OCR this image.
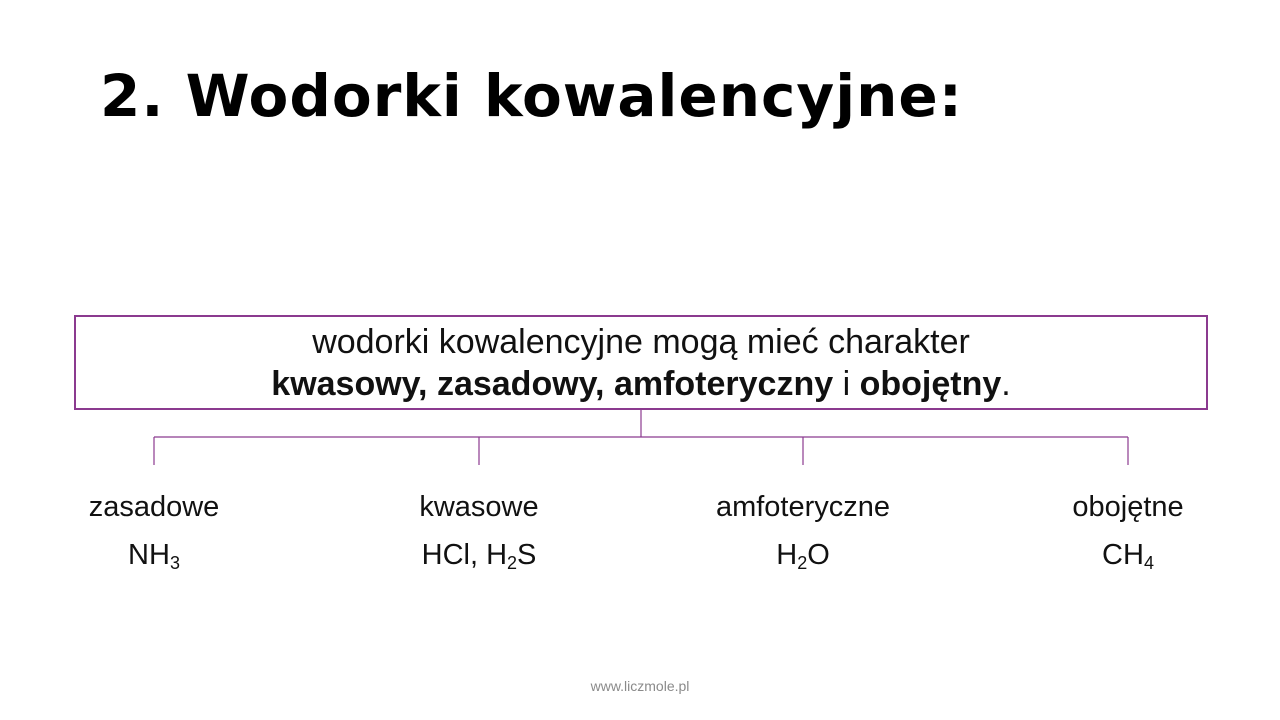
2. Wodorki kowalencyjne:
wodorki kowalencyjne mogą mieć charakter
kwasowy, zasadowy, amfoteryczny i obojętny.
zasadowe
$NH_3$
kwasowe
HCl, $H_2S$
amfoteryczne
$H_2O$
obojętne
$CH_4$
www.liczmole.pl
